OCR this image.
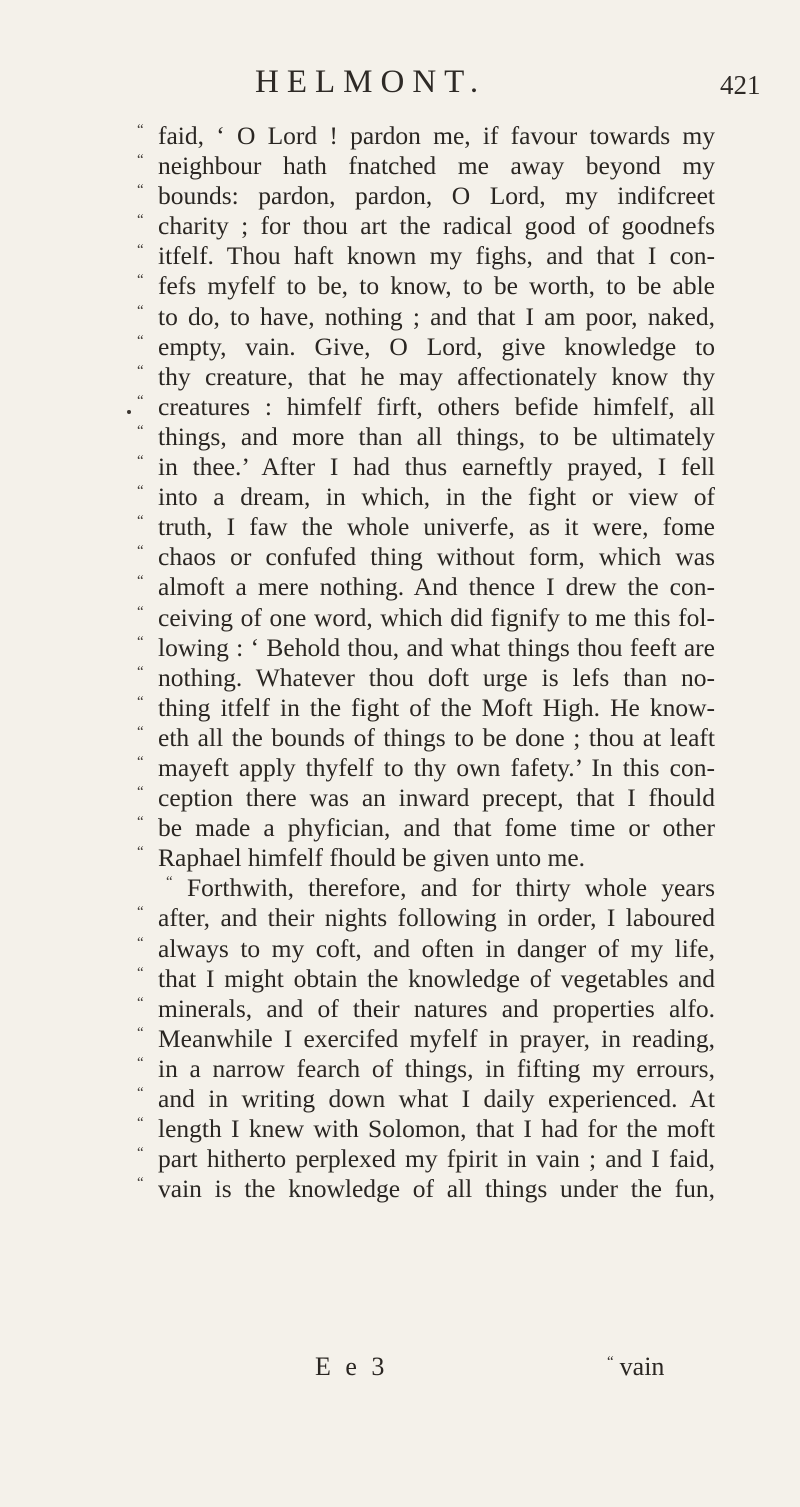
HELMONT.	421
“ faid, ‘ O Lord ! pardon me, if favour towards my
“ neighbour hath fnatched me away beyond my
“ bounds: pardon, pardon, O Lord, my indifcreet
“ charity ; for thou art the radical good of goodnefs
“ itfelf. Thou haft known my fighs, and that I con-
“ fefs myfelf to be, to know, to be worth, to be able
“ to do, to have, nothing ; and that I am poor, naked,
“ empty, vain. Give, O Lord, give knowledge to
“ thy creature, that he may affectionately know thy
“ creatures : himfelf firft, others befide himfelf, all
“ things, and more than all things, to be ultimately
“ in thee.’ After I had thus earneftly prayed, I fell
“ into a dream, in which, in the fight or view of
“ truth, I faw the whole univerfe, as it were, fome
“ chaos or confufed thing without form, which was
“ almoft a mere nothing. And thence I drew the con-
“ ceiving of one word, which did fignify to me this fol-
“ lowing : ‘ Behold thou, and what things thou feeft are
“ nothing. Whatever thou doft urge is lefs than no-
“ thing itfelf in the fight of the Moft High. He know-
“ eth all the bounds of things to be done ; thou at leaft
“ mayeft apply thyfelf to thy own fafety.’ In this con-
“ ception there was an inward precept, that I fhould
“ be made a phyfician, and that fome time or other
“ Raphael himfelf fhould be given unto me.
“ Forthwith, therefore, and for thirty whole years
“ after, and their nights following in order, I laboured
“ always to my coft, and often in danger of my life,
“ that I might obtain the knowledge of vegetables and
“ minerals, and of their natures and properties alfo.
“ Meanwhile I exercifed myfelf in prayer, in reading,
“ in a narrow fearch of things, in fifting my errours,
“ and in writing down what I daily experienced. At
“ length I knew with Solomon, that I had for the moft
“ part hitherto perplexed my fpirit in vain ; and I faid,
“ vain is the knowledge of all things under the fun,
E e 3	“ vain
